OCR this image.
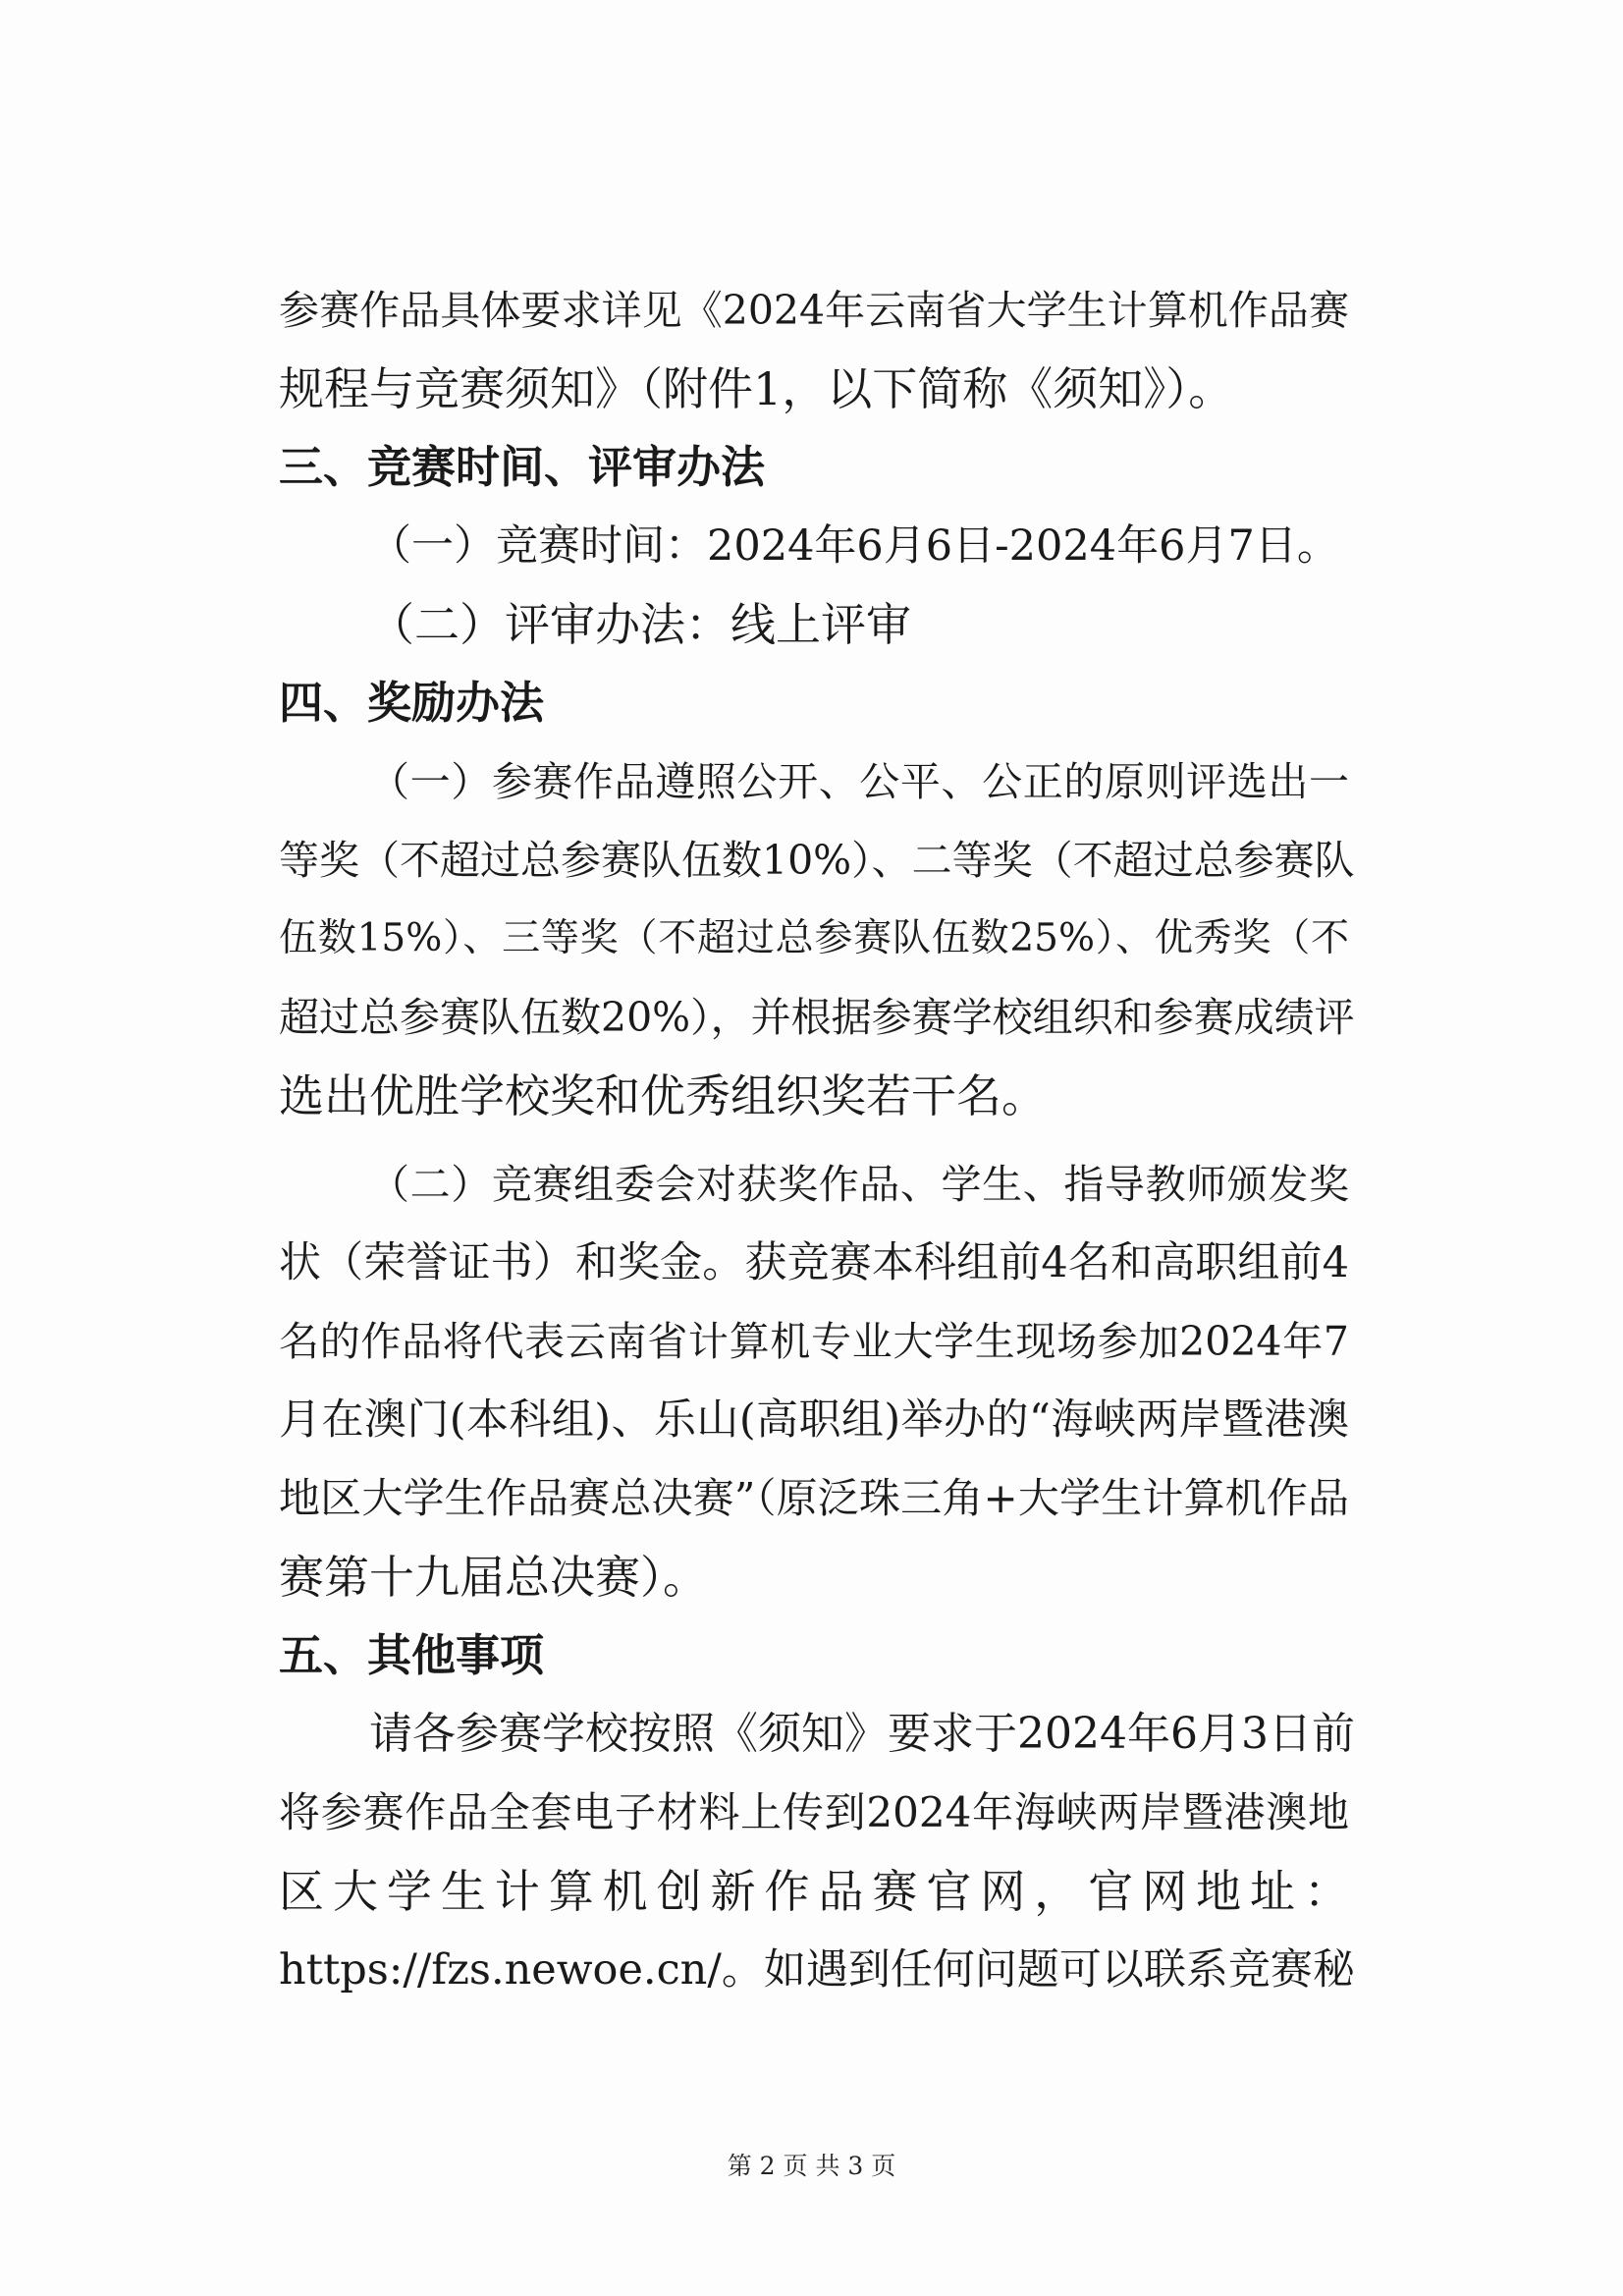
参赛作品具体要求详见《2024年云南省大学生计算机作品赛
规程与竞赛须知》（附件1，以下简称《须知》）。
三、竞赛时间、评审办法
（一）竞赛时间：2024年6月6日-2024年6月7日。
（二）评审办法：线上评审
四、奖励办法
（一）参赛作品遵照公开、公平、公正的原则评选出一
等奖（不超过总参赛队伍数10%）、二等奖（不超过总参赛队
伍数15%）、三等奖（不超过总参赛队伍数25%）、优秀奖（不
超过总参赛队伍数20%），并根据参赛学校组织和参赛成绩评
选出优胜学校奖和优秀组织奖若干名。
（二）竞赛组委会对获奖作品、学生、指导教师颁发奖
状（荣誉证书）和奖金。获竞赛本科组前4名和高职组前4
名的作品将代表云南省计算机专业大学生现场参加2024年7
月在澳门(本科组)、乐山(高职组)举办的“海峡两岸暨港澳
地区大学生作品赛总决赛”（原泛珠三角+大学生计算机作品
赛第十九届总决赛）。
五、其他事项
请各参赛学校按照《须知》要求于2024年6月3日前
将参赛作品全套电子材料上传到2024年海峡两岸暨港澳地
区大学生计算机创新作品赛官网，官网地址：
https://fzs.newoe.cn/。如遇到任何问题可以联系竞赛秘
第 2 页 共 3 页
